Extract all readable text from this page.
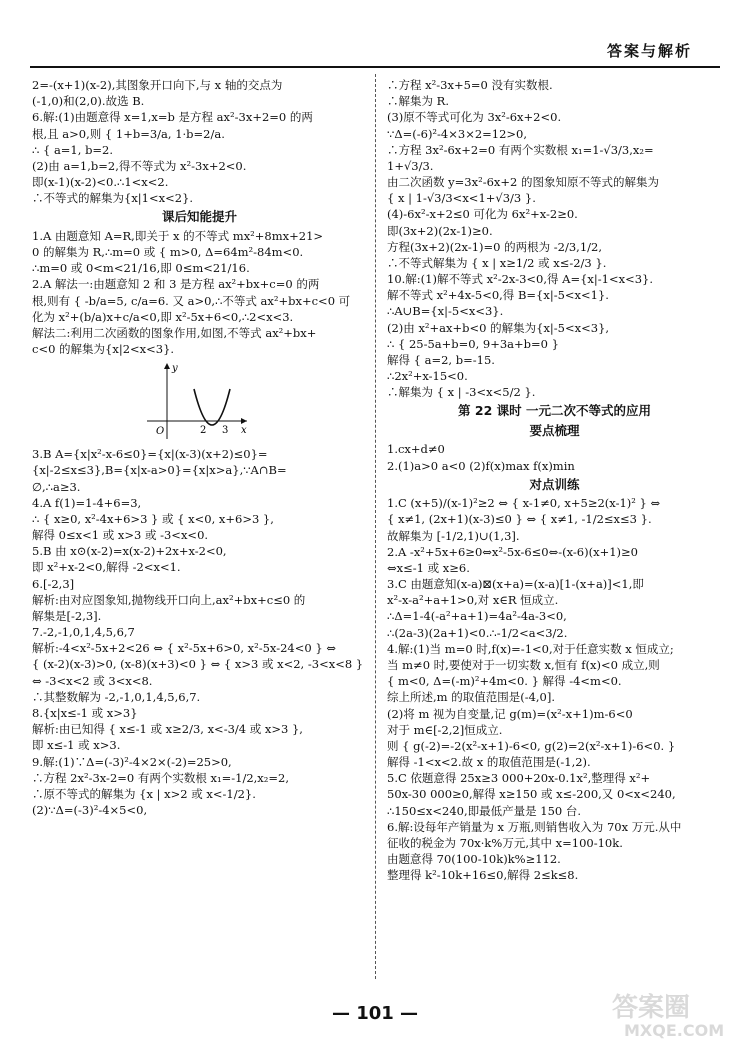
答案与解析
2=-(x+1)(x-2),其图象开口向下,与 x 轴的交点为
(-1,0)和(2,0).故选 B.
6.解:(1)由题意得 x=1,x=b 是方程 ax²-3x+2=0 的两
根,且 a>0,则 { 1+b=3/a, 1·b=2/a.
∴ { a=1, b=2.
(2)由 a=1,b=2,得不等式为 x²-3x+2<0.
即(x-1)(x-2)<0.∴1<x<2.
∴不等式的解集为{x|1<x<2}.
课后知能提升
1.A 由题意知 A=R,即关于 x 的不等式 mx²+8mx+21>
0 的解集为 R,∴m=0 或 { m>0, Δ=64m²-84m<0.
∴m=0 或 0<m<21/16,即 0≤m<21/16.
2.A 解法一:由题意知 2 和 3 是方程 ax²+bx+c=0 的两
根,则有 { -b/a=5, c/a=6. 又 a>0,∴不等式 ax²+bx+c<0 可
化为 x²+(b/a)x+c/a<0,即 x²-5x+6<0,∴2<x<3.
解法二:利用二次函数的图象作用,如图,不等式 ax²+bx+
c<0 的解集为{x|2<x<3}.
y
O	2 3 x
3.B A={x|x²-x-6≤0}={x|(x-3)(x+2)≤0}=
{x|-2≤x≤3},B={x|x-a>0}={x|x>a},∵A∩B=
∅,∴a≥3.
4.A f(1)=1-4+6=3,
∴ { x≥0, x²-4x+6>3 } 或 { x<0, x+6>3 },
解得 0≤x<1 或 x>3 或 -3<x<0.
5.B 由 x⊙(x-2)=x(x-2)+2x+x-2<0,
即 x²+x-2<0,解得 -2<x<1.
6.[-2,3]
解析:由对应图象知,抛物线开口向上,ax²+bx+c≤0 的
解集是[-2,3].
7.-2,-1,0,1,4,5,6,7
解析:-4<x²-5x+2<26 ⇔ { x²-5x+6>0, x²-5x-24<0 } ⇔
{ (x-2)(x-3)>0, (x-8)(x+3)<0 } ⇔ { x>3 或 x<2, -3<x<8 }
⇔ -3<x<2 或 3<x<8.
∴其整数解为 -2,-1,0,1,4,5,6,7.
8.{x|x≤-1 或 x>3}
解析:由已知得 { x≤-1 或 x≥2/3, x<-3/4 或 x>3 },
即 x≤-1 或 x>3.
9.解:(1)∵Δ=(-3)²-4×2×(-2)=25>0,
∴方程 2x²-3x-2=0 有两个实数根 x₁=-1/2,x₂=2,
∴原不等式的解集为 {x | x>2 或 x<-1/2}.
(2)∵Δ=(-3)²-4×5<0,
∴方程 x²-3x+5=0 没有实数根.
∴解集为 R.
(3)原不等式可化为 3x²-6x+2<0.
∵Δ=(-6)²-4×3×2=12>0,
∴方程 3x²-6x+2=0 有两个实数根 x₁=1-√3/3,x₂=
1+√3/3.
由二次函数 y=3x²-6x+2 的图象知原不等式的解集为
{ x | 1-√3/3<x<1+√3/3 }.
(4)-6x²-x+2≤0 可化为 6x²+x-2≥0.
即(3x+2)(2x-1)≥0.
方程(3x+2)(2x-1)=0 的两根为 -2/3,1/2,
∴不等式解集为 { x | x≥1/2 或 x≤-2/3 }.
10.解:(1)解不等式 x²-2x-3<0,得 A={x|-1<x<3}.
解不等式 x²+4x-5<0,得 B={x|-5<x<1}.
∴A∪B={x|-5<x<3}.
(2)由 x²+ax+b<0 的解集为{x|-5<x<3},
∴ { 25-5a+b=0, 9+3a+b=0 }
解得 { a=2, b=-15.
∴2x²+x-15<0.
∴解集为 { x | -3<x<5/2 }.
第 22 课时 一元二次不等式的应用
要点梳理
1.cx+d≠0
2.(1)a>0 a<0 (2)f(x)max f(x)min
对点训练
1.C (x+5)/(x-1)²≥2 ⇔ { x-1≠0, x+5≥2(x-1)² } ⇔
{ x≠1, (2x+1)(x-3)≤0 } ⇔ { x≠1, -1/2≤x≤3 }.
故解集为 [-1/2,1)∪(1,3].
2.A -x²+5x+6≥0⇔x²-5x-6≤0⇔-(x-6)(x+1)≥0
⇔x≤-1 或 x≥6.
3.C 由题意知(x-a)⊠(x+a)=(x-a)[1-(x+a)]<1,即
x²-x-a²+a+1>0,对 x∈R 恒成立.
∴Δ=1-4(-a²+a+1)=4a²-4a-3<0,
∴(2a-3)(2a+1)<0.∴-1/2<a<3/2.
4.解:(1)当 m=0 时,f(x)=-1<0,对于任意实数 x 恒成立;
当 m≠0 时,要使对于一切实数 x,恒有 f(x)<0 成立,则
{ m<0, Δ=(-m)²+4m<0. } 解得 -4<m<0.
综上所述,m 的取值范围是(-4,0].
(2)将 m 视为自变量,记 g(m)=(x²-x+1)m-6<0
对于 m∈[-2,2]恒成立.
则 { g(-2)=-2(x²-x+1)-6<0, g(2)=2(x²-x+1)-6<0. }
解得 -1<x<2.故 x 的取值范围是(-1,2).
5.C 依题意得 25x≥3 000+20x-0.1x²,整理得 x²+
50x-30 000≥0,解得 x≥150 或 x≤-200,又 0<x<240,
∴150≤x<240,即最低产量是 150 台.
6.解:设每年产销量为 x 万瓶,则销售收入为 70x 万元.从中
征收的税金为 70x·k%万元,其中 x=100-10k.
由题意得 70(100-10k)k%≥112.
整理得 k²-10k+16≤0,解得 2≤k≤8.
— 101 —	答案圈
MXQE.COM
